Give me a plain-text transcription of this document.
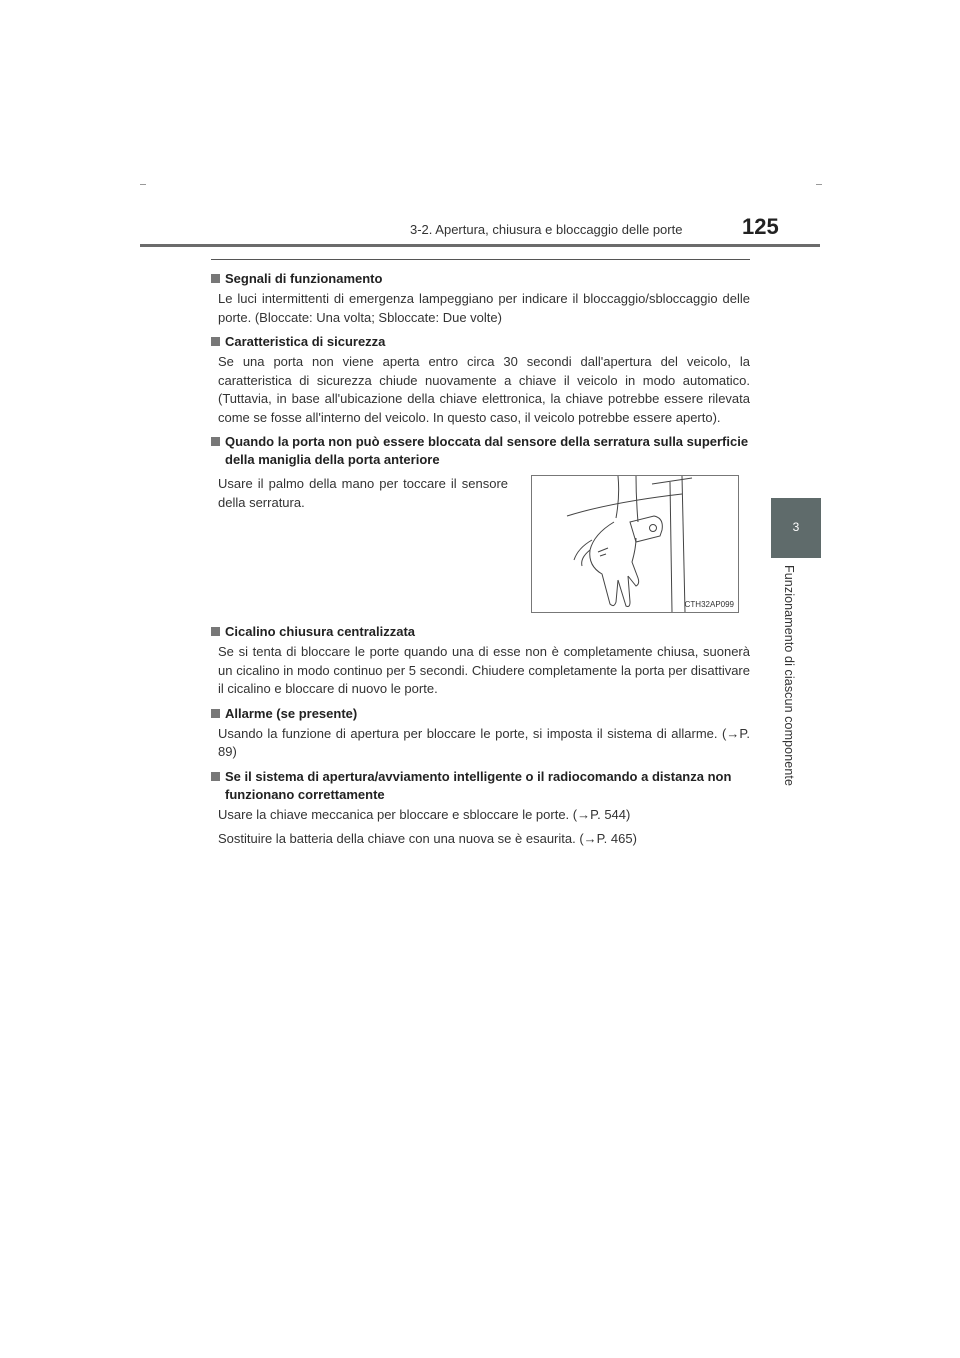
3-2. Apertura, chiusura e bloccaggio delle porte	125
3
Funzionamento di ciascun componente
Segnali di funzionamento
Le luci intermittenti di emergenza lampeggiano per indicare il bloccaggio/sbloccaggio delle porte. (Bloccate: Una volta; Sbloccate: Due volte)
Caratteristica di sicurezza
Se una porta non viene aperta entro circa 30 secondi dall'apertura del veicolo, la caratteristica di sicurezza chiude nuovamente a chiave il veicolo in modo automatico. (Tuttavia, in base all'ubicazione della chiave elettronica, la chiave potrebbe essere rilevata come se fosse all'interno del veicolo. In questo caso, il veicolo potrebbe essere aperto).
Quando la porta non può essere bloccata dal sensore della serratura sulla superficie della maniglia della porta anteriore
Usare il palmo della mano per toccare il sensore della serratura.
CTH32AP099
Cicalino chiusura centralizzata
Se si tenta di bloccare le porte quando una di esse non è completamente chiusa, suonerà un cicalino in modo continuo per 5 secondi. Chiudere completamente la porta per disattivare il cicalino e bloccare di nuovo le porte.
Allarme (se presente)
Usando la funzione di apertura per bloccare le porte, si imposta il sistema di allarme. (→P. 89)
Se il sistema di apertura/avviamento intelligente o il radiocomando a distanza non funzionano correttamente
Usare la chiave meccanica per bloccare e sbloccare le porte. (→P. 544)
Sostituire la batteria della chiave con una nuova se è esaurita. (→P. 465)
